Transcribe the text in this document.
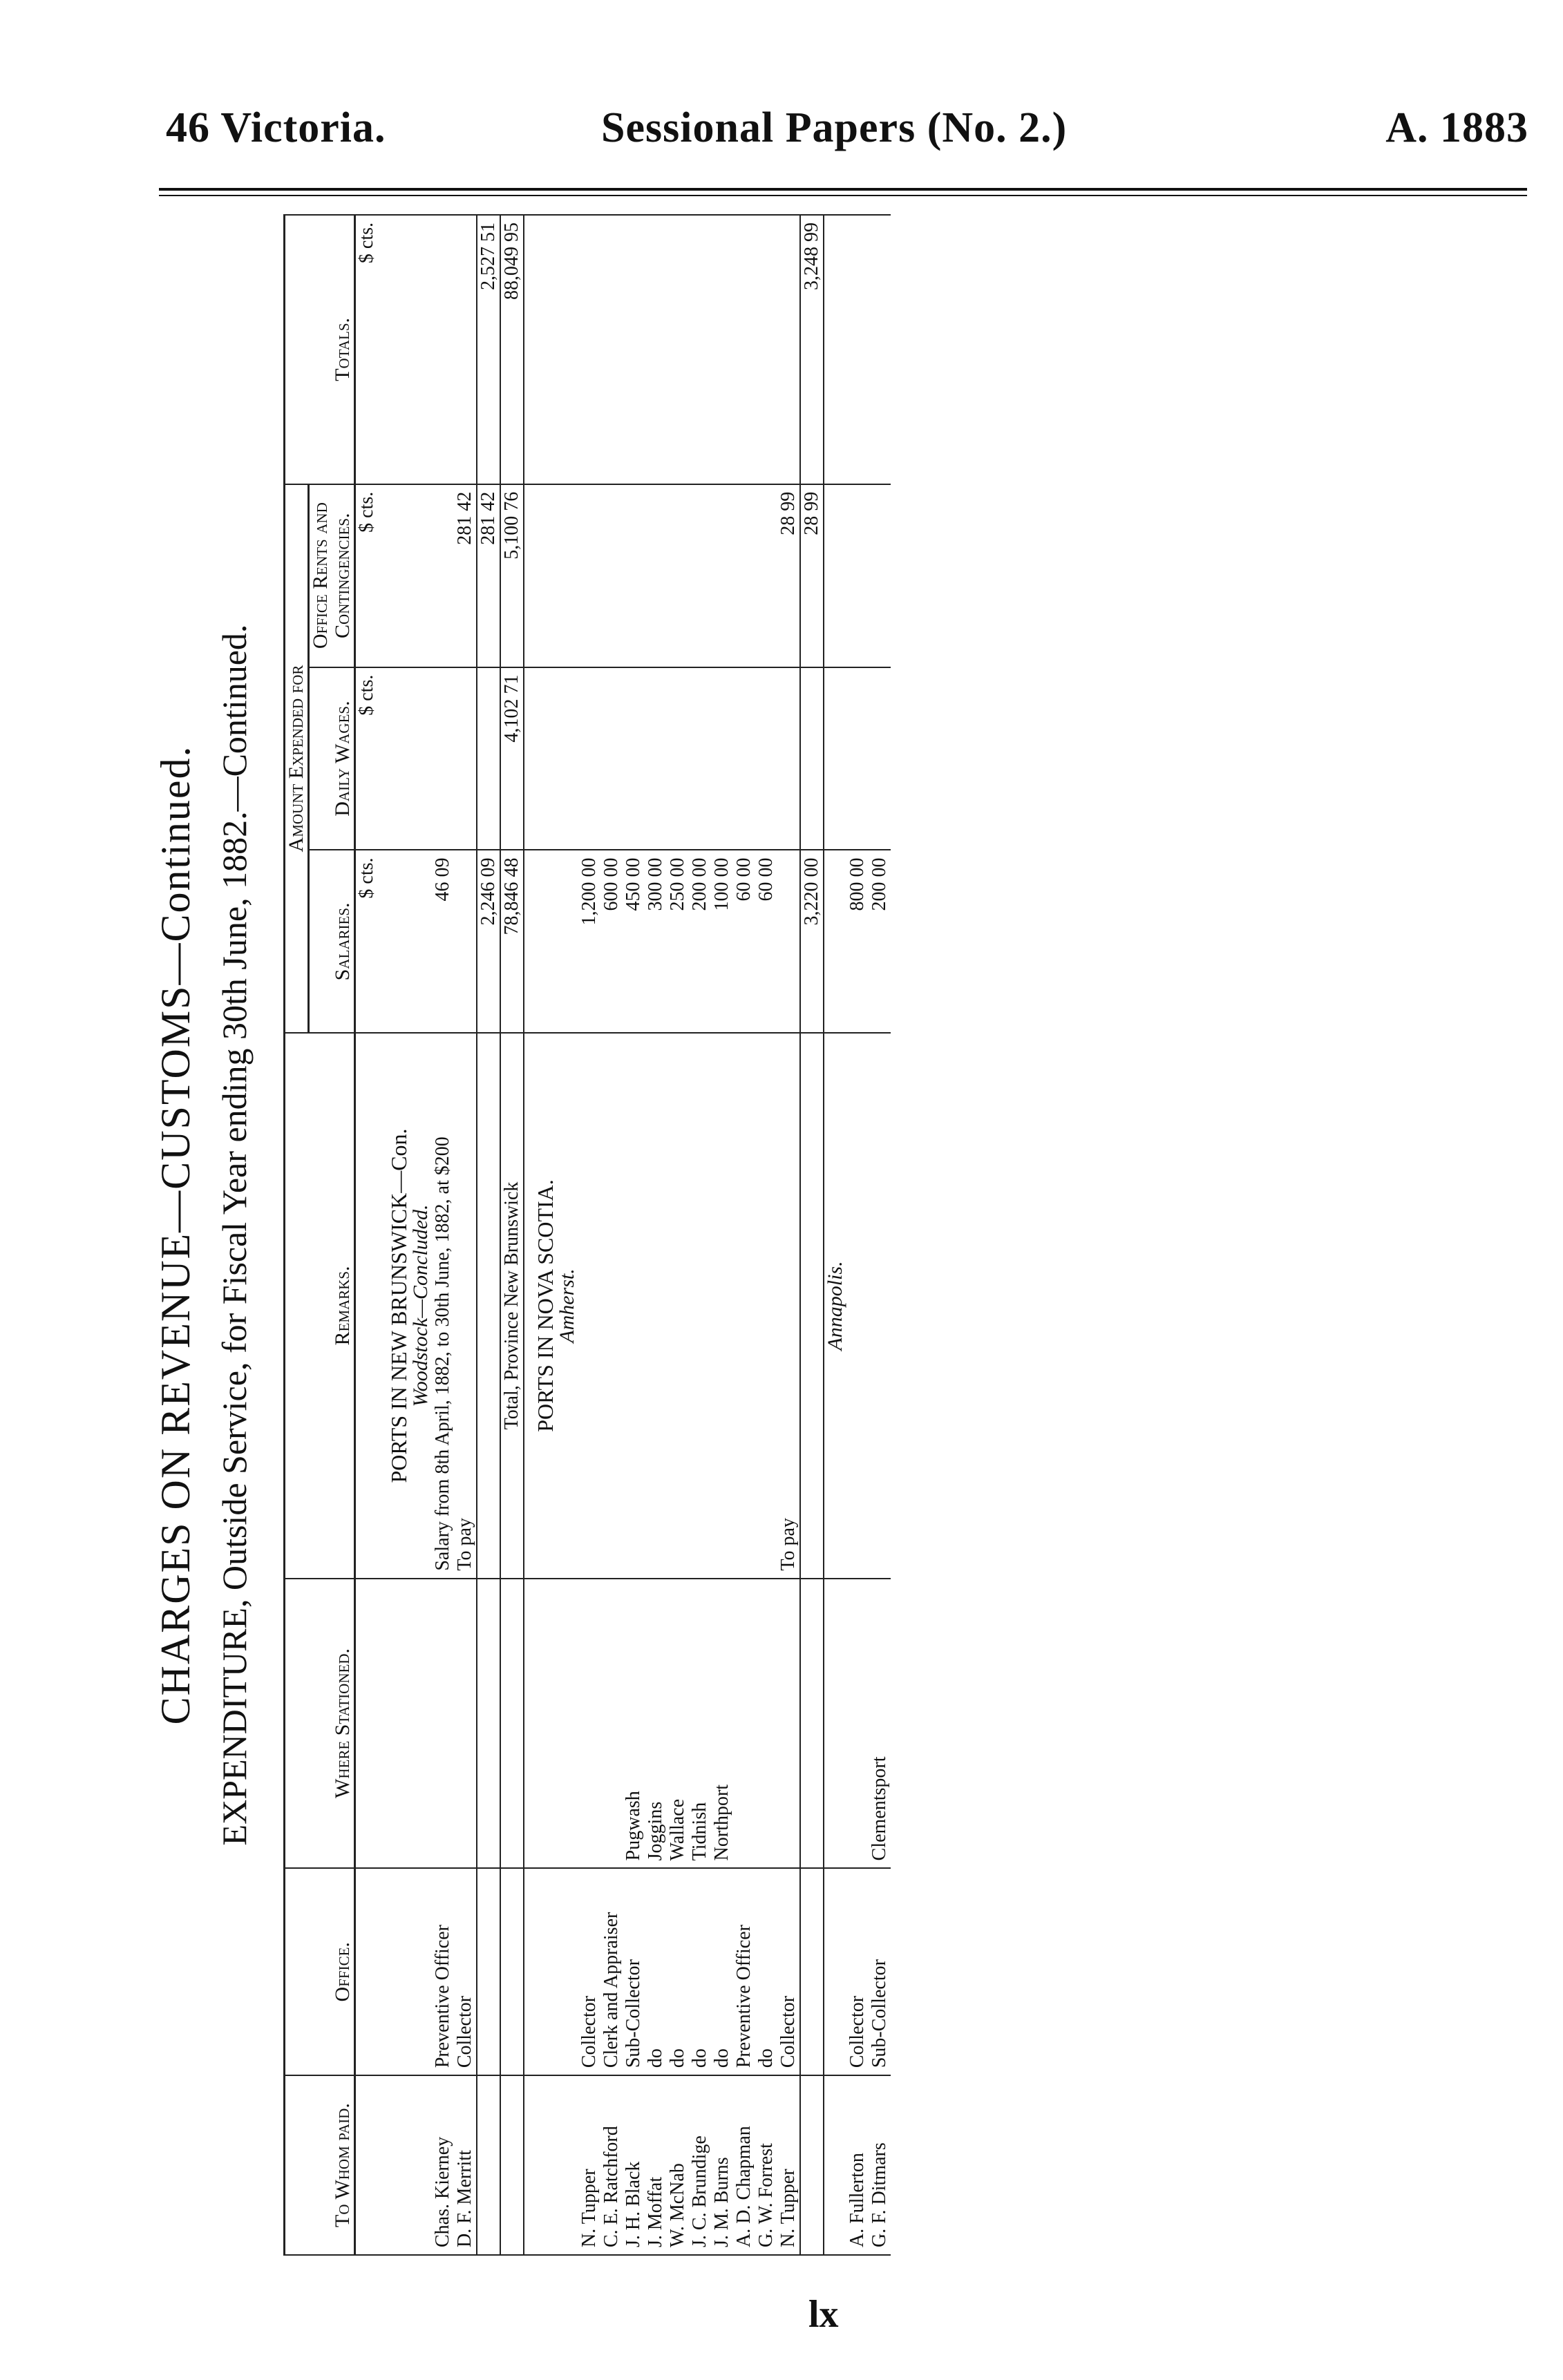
46 Victoria.	Sessional Papers (No. 2.)	A. 1883
CHARGES ON REVENUE—CUSTOMS—Continued. EXPENDITURE, Outside Service, for Fiscal Year ending 30th June, 1882.—Continued.
To Whom paid.	Office.	Where Stationed.	Remarks.	Amount Expended for			Totals.
				Salaries.	Daily Wages.	Office Rents and Contingencies.	
				$ cts.	$ cts.	$ cts.	$ cts.
			PORTS IN NEW BRUNSWICK—Con.				
			Woodstock—Concluded.				
Chas. Kierney	Preventive Officer		Salary from 8th April, 1882, to 30th June, 1882, at $200	46 09			
D. F. Merritt	Collector		To pay			281 42	
				2,246 09		281 42	2,527 51
			Total, Province New Brunswick	78,846 48	4,102 71	5,100 76	88,049 95
			PORTS IN NOVA SCOTIA.				
			Amherst.				
N. Tupper	Collector			1,200 00			
C. E. Ratchford	Clerk and Appraiser			600 00			
J. H. Black	Sub-Collector	Pugwash		450 00			
J. Moffat	do	Joggins		300 00			
W. McNab	do	Wallace		250 00			
J. C. Brundige	do	Tidnish		200 00			
J. M. Burns	do	Northport		100 00			
A. D. Chapman	Preventive Officer			60 00			
G. W. Forrest	do			60 00			
N. Tupper	Collector		To pay			28 99	
				3,220 00		28 99	3,248 99
			Annapolis.				
A. Fullerton	Collector			800 00			
G. F. Ditmars	Sub-Collector	Clementsport		200 00			
lx
